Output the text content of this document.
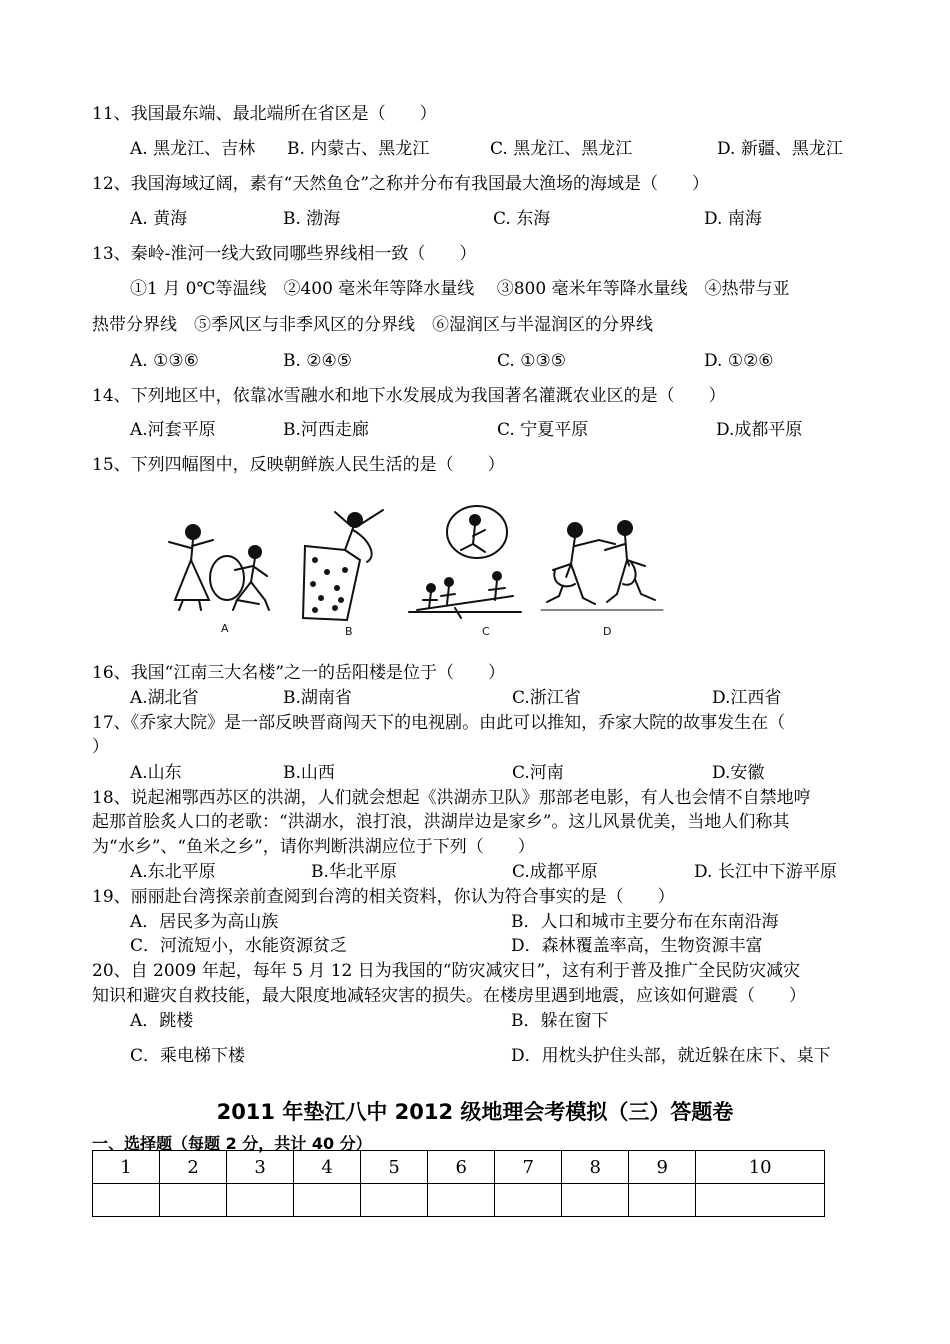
11、我国最东端、最北端所在省区是（　　）
A. 黑龙江、吉林 B. 内蒙古、黑龙江	C. 黑龙江、黑龙江	D. 新疆、黑龙江
12、我国海域辽阔，素有“天然鱼仓”之称并分布有我国最大渔场的海域是（　　）
A. 黄海	B. 渤海	C. 东海	D. 南海
13、秦岭-淮河一线大致同哪些界线相一致（　　）
①1 月 0℃等温线　②400 毫米年等降水量线　 ③800 毫米年等降水量线　④热带与亚
热带分界线　⑤季风区与非季风区的分界线　⑥湿润区与半湿润区的分界线
A. ①③⑥	B. ②④⑤	C. ①③⑤	D. ①②⑥
14、下列地区中，依靠冰雪融水和地下水发展成为我国著名灌溉农业区的是（　　）
A.河套平原	B.河西走廊	C. 宁夏平原	D.成都平原
15、下列四幅图中，反映朝鲜族人民生活的是（　　）
A	B	C	D
16、我国“江南三大名楼”之一的岳阳楼是位于（　　）
A.湖北省	B.湖南省	C.浙江省	D.江西省
17、《乔家大院》是一部反映晋商闯天下的电视剧。由此可以推知，乔家大院的故事发生在（
）
A.山东	B.山西	C.河南	D.安徽
18、说起湘鄂西苏区的洪湖，人们就会想起《洪湖赤卫队》那部老电影，有人也会情不自禁地哼
起那首脍炙人口的老歌：“洪湖水，浪打浪，洪湖岸边是家乡”。这儿风景优美，当地人们称其
为“水乡”、“鱼米之乡”，请你判断洪湖应位于下列（　　）
A.东北平原	B.华北平原	C.成都平原	D. 长江中下游平原
19、丽丽赴台湾探亲前查阅到台湾的相关资料，你认为符合事实的是（　　）
A．居民多为高山族	B．人口和城市主要分布在东南沿海
C．河流短小，水能资源贫乏	D．森林覆盖率高，生物资源丰富
20、自 2009 年起，每年 5 月 12 日为我国的“防灾减灾日”，这有利于普及推广全民防灾减灾
知识和避灾自救技能，最大限度地减轻灾害的损失。在楼房里遇到地震，应该如何避震（　　）
A．跳楼	B．躲在窗下
C．乘电梯下楼	D．用枕头护住头部，就近躲在床下、桌下
2011 年垫江八中 2012 级地理会考模拟（三）答题卷
一、选择题（每题 2 分，共计 40 分）
1	2	3	4	5	6	7	8	9	10
